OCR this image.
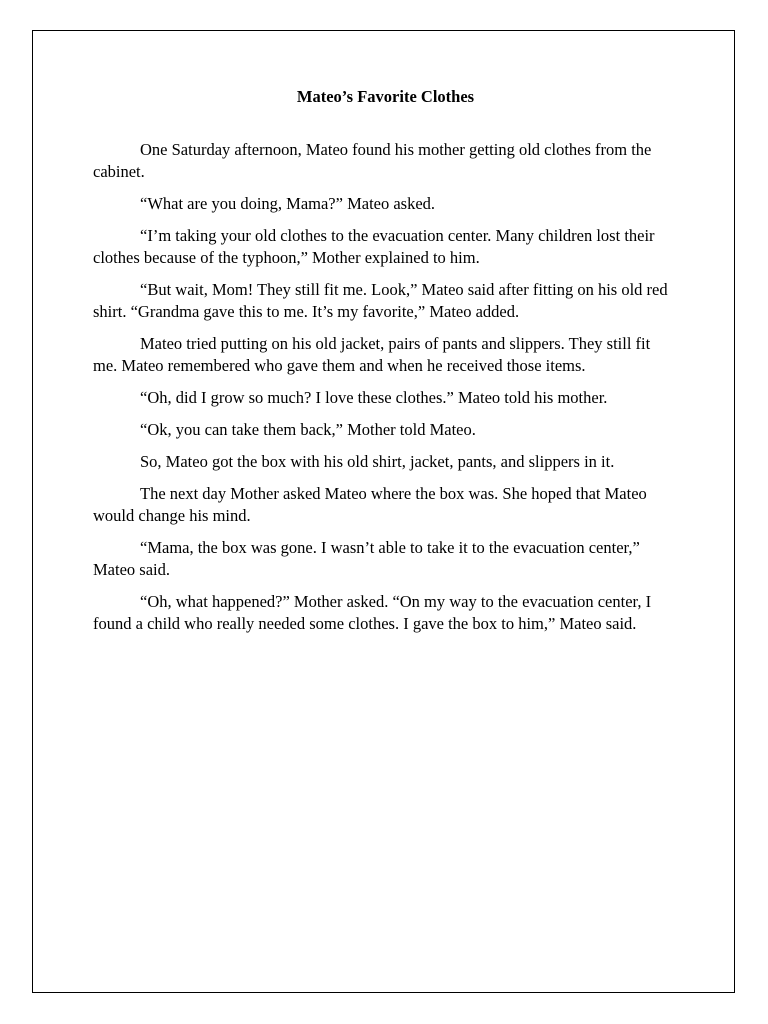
Mateo’s Favorite Clothes

One Saturday afternoon, Mateo found his mother getting old clothes from the cabinet.

“What are you doing, Mama?” Mateo asked.

“I’m taking your old clothes to the evacuation center. Many children lost their clothes because of the typhoon,” Mother explained to him.

“But wait, Mom! They still fit me. Look,” Mateo said after fitting on his old red shirt. “Grandma gave this to me. It’s my favorite,” Mateo added.

Mateo tried putting on his old jacket, pairs of pants and slippers. They still fit me. Mateo remembered who gave them and when he received those items.

“Oh, did I grow so much? I love these clothes.” Mateo told his mother.

“Ok, you can take them back,” Mother told Mateo.

So, Mateo got the box with his old shirt, jacket, pants, and slippers in it.

The next day Mother asked Mateo where the box was. She hoped that Mateo would change his mind.

“Mama, the box was gone. I wasn’t able to take it to the evacuation center,” Mateo said.

“Oh, what happened?” Mother asked. “On my way to the evacuation center, I found a child who really needed some clothes. I gave the box to him,” Mateo said.
